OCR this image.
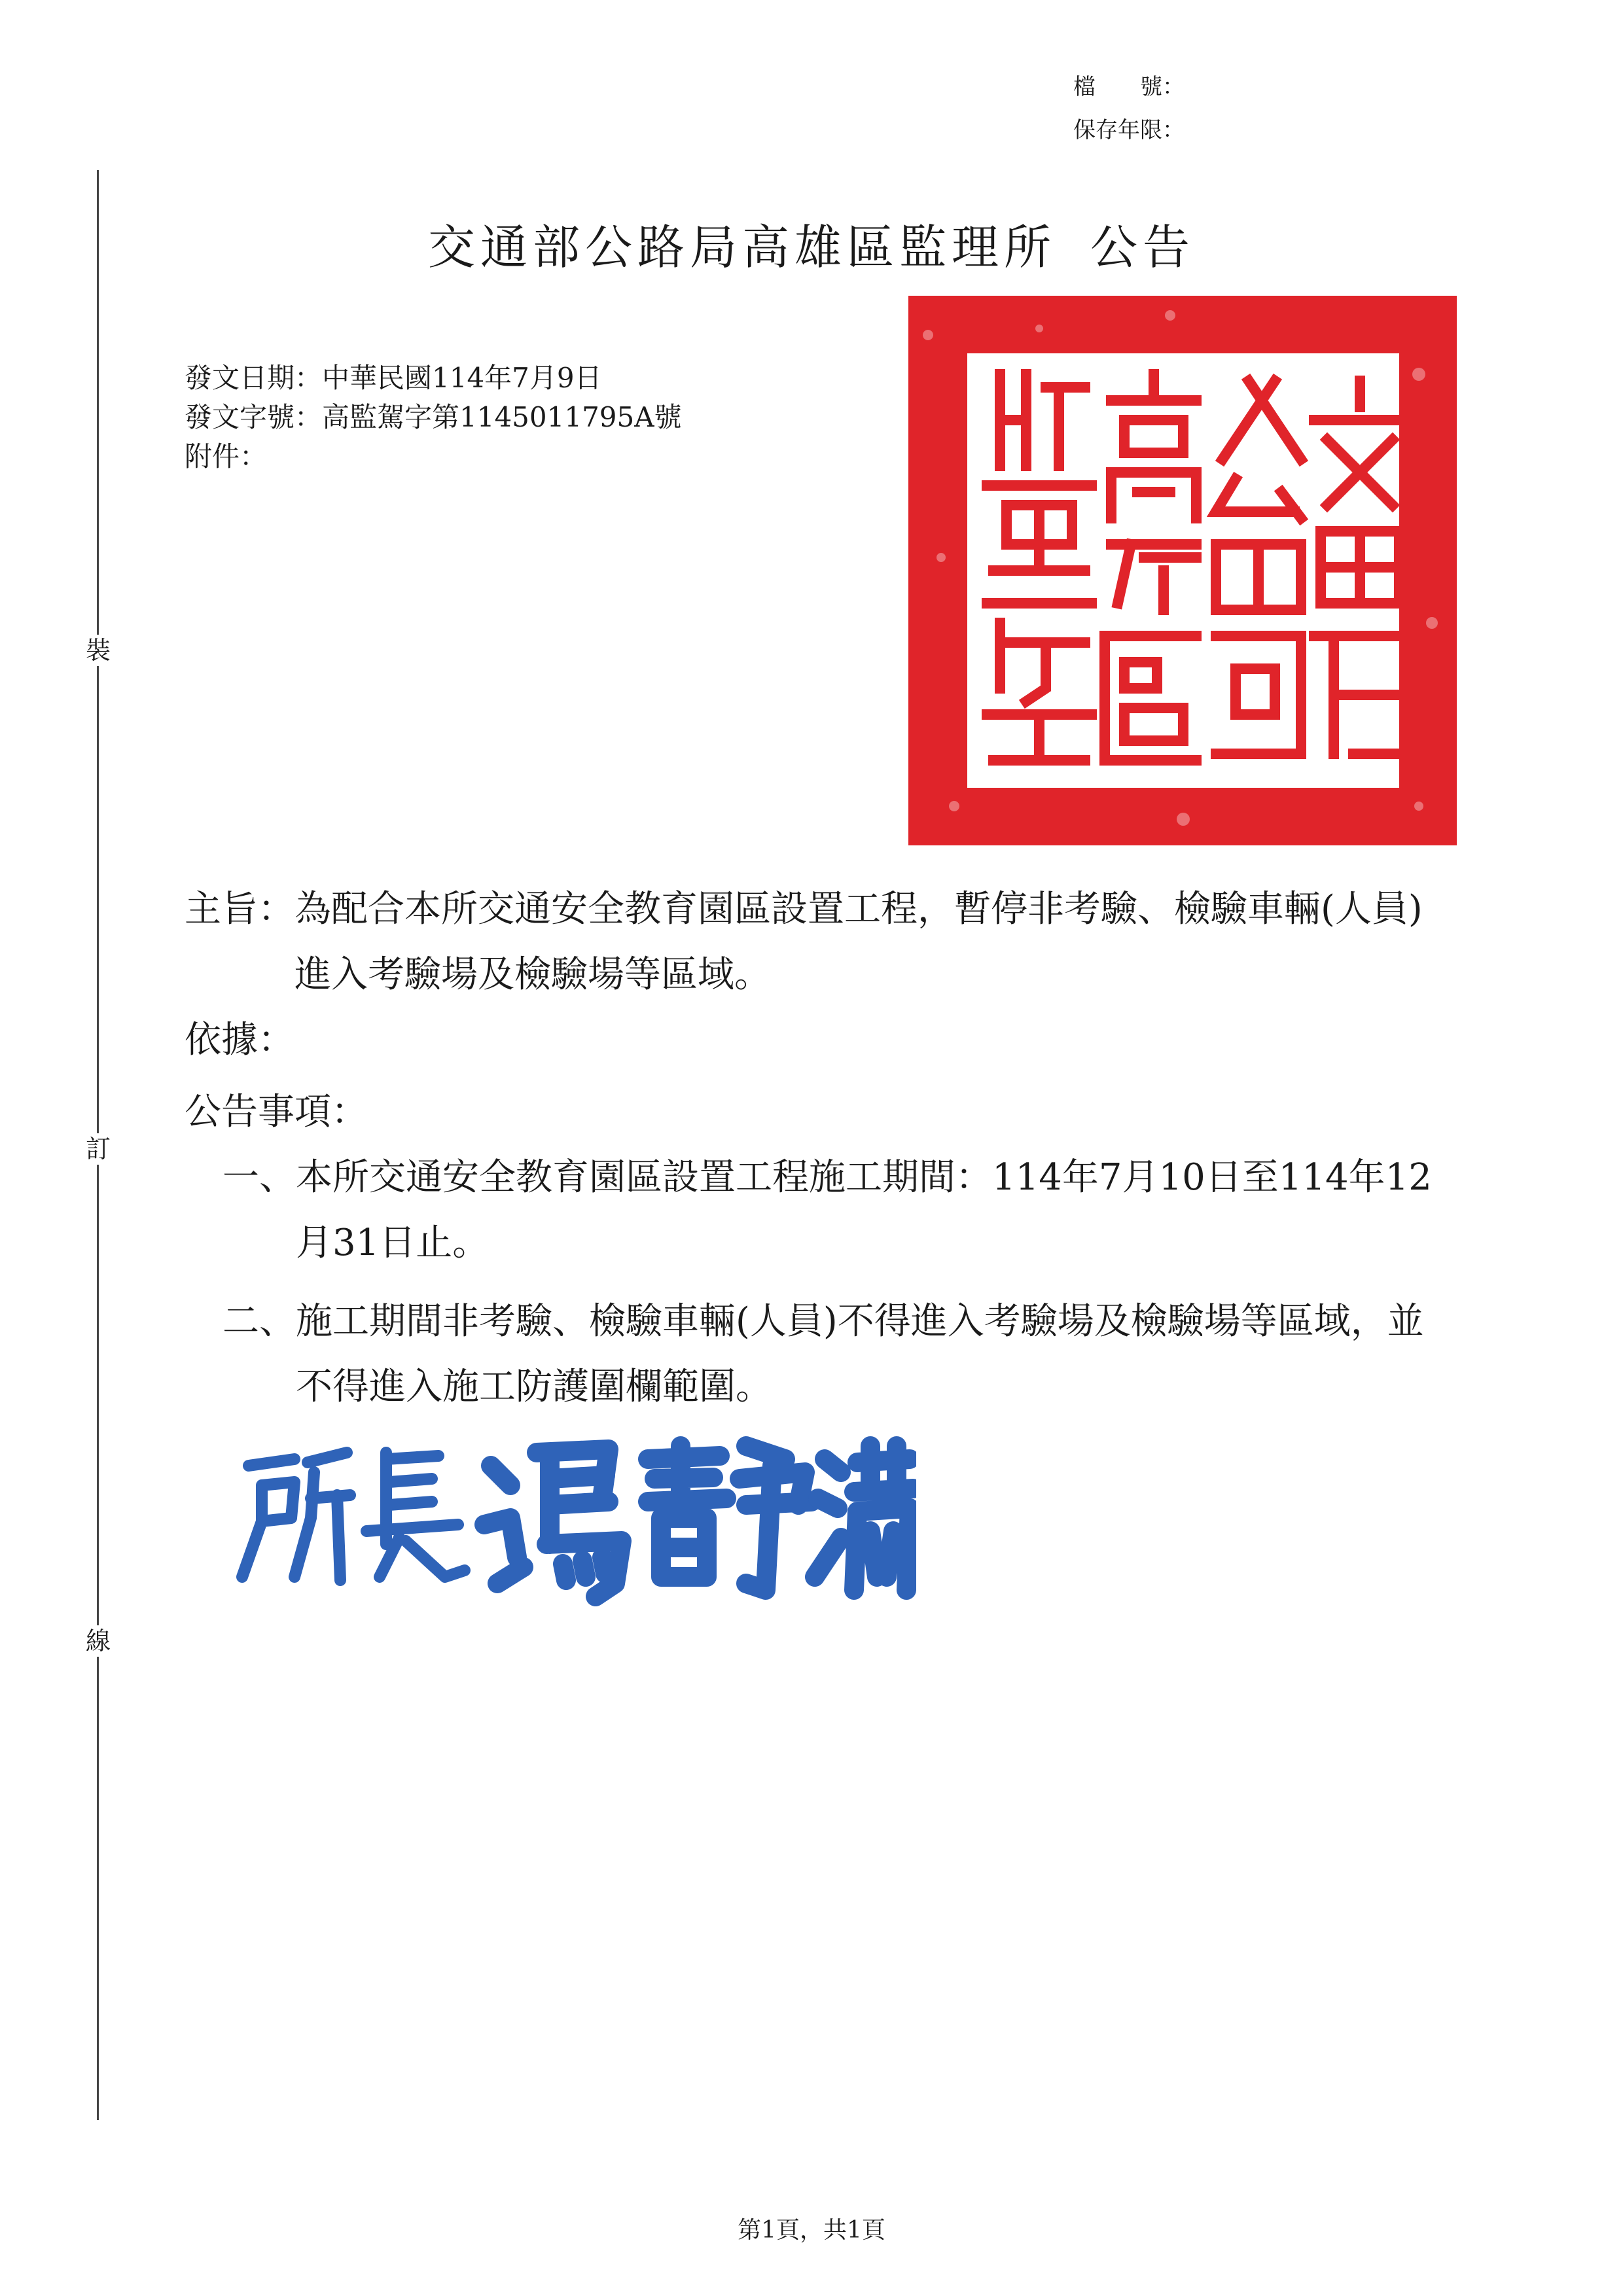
檔　　號：
保存年限：
裝
訂
線
交通部公路局高雄區監理所 公告
發文日期：中華民國114年7月9日
發文字號：高監駕字第1145011795A號
附件：
主旨： 為配合本所交通安全教育園區設置工程，暫停非考驗、檢驗車輛(人員)進入考驗場及檢驗場等區域。
依據：
公告事項：
一、 本所交通安全教育園區設置工程施工期間：114年7月10日至114年12月31日止。
二、 施工期間非考驗、檢驗車輛(人員)不得進入考驗場及檢驗場等區域，並不得進入施工防護圍欄範圍。
第1頁，共1頁
